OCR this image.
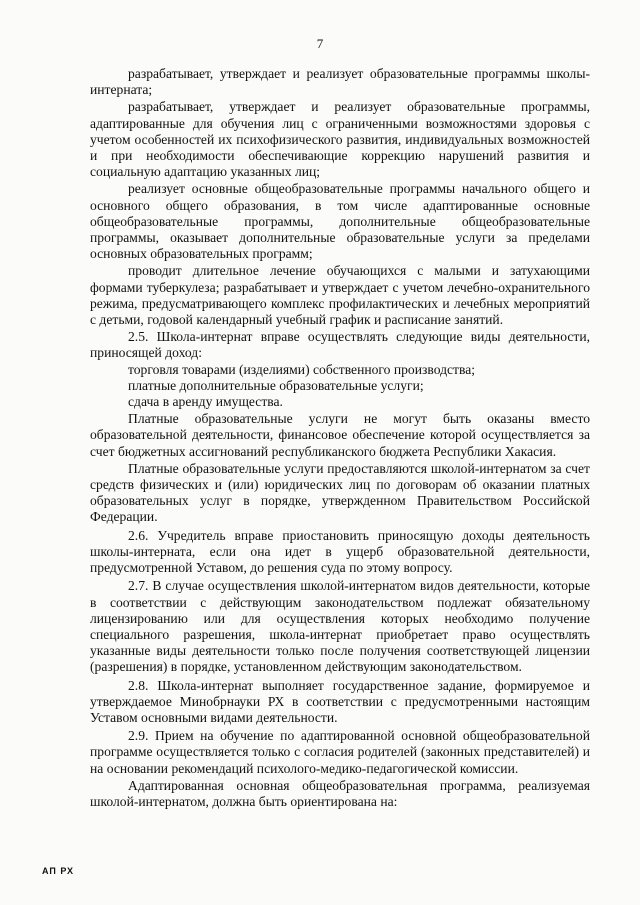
7

разрабатывает, утверждает и реализует образовательные программы школы-интерната;

разрабатывает, утверждает и реализует образовательные программы, адаптированные для обучения лиц с ограниченными возможностями здоровья с учетом особенностей их психофизического развития, индивидуальных возможностей и при необходимости обеспечивающие коррекцию нарушений развития и социальную адаптацию указанных лиц;

реализует основные общеобразовательные программы начального общего и основного общего образования, в том числе адаптированные основные общеобразовательные программы, дополнительные общеобразовательные программы, оказывает дополнительные образовательные услуги за пределами основных образовательных программ;

проводит длительное лечение обучающихся с малыми и затухающими формами туберкулеза; разрабатывает и утверждает с учетом лечебно-охранительного режима, предусматривающего комплекс профилактических и лечебных мероприятий с детьми, годовой календарный учебный график и расписание занятий.

2.5. Школа-интернат вправе осуществлять следующие виды деятельности, приносящей доход:

торговля товарами (изделиями) собственного производства;

платные дополнительные образовательные услуги;

сдача в аренду имущества.

Платные образовательные услуги не могут быть оказаны вместо образовательной деятельности, финансовое обеспечение которой осуществляется за счет бюджетных ассигнований республиканского бюджета Республики Хакасия.

Платные образовательные услуги предоставляются школой-интернатом за счет средств физических и (или) юридических лиц по договорам об оказании платных образовательных услуг в порядке, утвержденном Правительством Российской Федерации.

2.6. Учредитель вправе приостановить приносящую доходы деятельность школы-интерната, если она идет в ущерб образовательной деятельности, предусмотренной Уставом, до решения суда по этому вопросу.

2.7. В случае осуществления школой-интернатом видов деятельности, которые в соответствии с действующим законодательством подлежат обязательному лицензированию или для осуществления которых необходимо получение специального разрешения, школа-интернат приобретает право осуществлять указанные виды деятельности только после получения соответствующей лицензии (разрешения) в порядке, установленном действующим законодательством.

2.8. Школа-интернат выполняет государственное задание, формируемое и утверждаемое Минобрнауки РХ в соответствии с предусмотренными настоящим Уставом основными видами деятельности.

2.9. Прием на обучение по адаптированной основной общеобразовательной программе осуществляется только с согласия родителей (законных представителей) и на основании рекомендаций психолого-медико-педагогической комиссии.

Адаптированная основная общеобразовательная программа, реализуемая школой-интернатом, должна быть ориентирована на:

АП РХ
